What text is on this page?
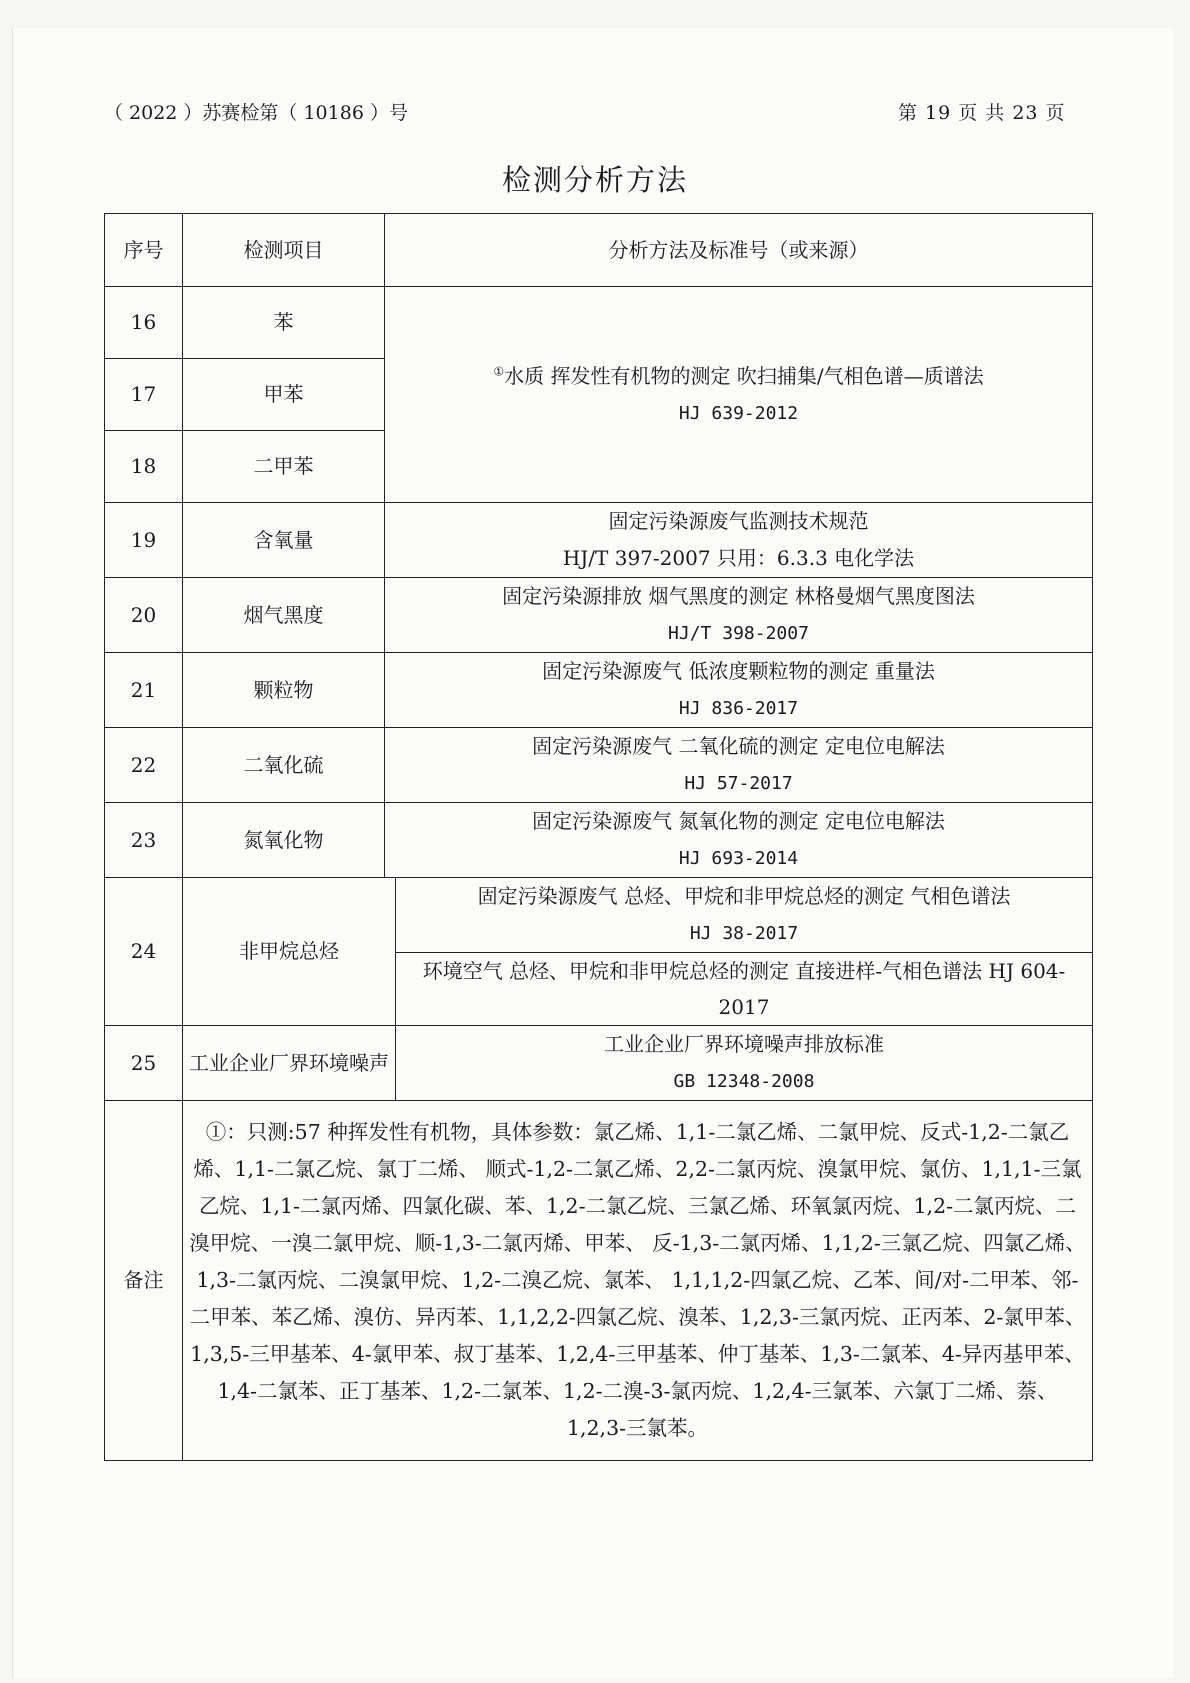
（ 2022 ）苏赛检第（ 10186 ）号	第 19 页 共 23 页
检测分析方法
序号	检测项目	分析方法及标准号（或来源）	
16	苯	①水质 挥发性有机物的测定 吹扫捕集/气相色谱—质谱法
HJ 639-2012	

17	甲苯		
18	二甲苯		
19	含氧量	固定污染源废气监测技术规范
HJ/T 397-2007 只用：6.3.3 电化学法	

20	烟气黑度	固定污染源排放 烟气黑度的测定 林格曼烟气黑度图法
HJ/T 398-2007	

21	颗粒物	固定污染源废气 低浓度颗粒物的测定 重量法
HJ 836-2017	

22	二氧化硫	固定污染源废气 二氧化硫的测定 定电位电解法
HJ 57-2017	

23	氮氧化物	固定污染源废气 氮氧化物的测定 定电位电解法
HJ 693-2014	

24	非甲烷总烃		固定污染源废气 总烃、甲烷和非甲烷总烃的测定 气相色谱法
HJ 38-2017

			环境空气 总烃、甲烷和非甲烷总烃的测定 直接进样-气相色谱法 HJ 604-2017

25	工业企业厂界环境噪声		工业企业厂界环境噪声排放标准
GB 12348-2008

备注	①：只测:57 种挥发性有机物，具体参数：氯乙烯、1,1-二氯乙烯、二氯甲烷、反式-1,2-二氯乙烯、1,1-二氯乙烷、氯丁二烯、 顺式-1,2-二氯乙烯、2,2-二氯丙烷、溴氯甲烷、氯仿、1,1,1-三氯乙烷、1,1-二氯丙烯、四氯化碳、苯、1,2-二氯乙烷、三氯乙烯、环氧氯丙烷、1,2-二氯丙烷、二溴甲烷、一溴二氯甲烷、顺-1,3-二氯丙烯、甲苯、 反-1,3-二氯丙烯、1,1,2-三氯乙烷、四氯乙烯、1,3-二氯丙烷、二溴氯甲烷、1,2-二溴乙烷、氯苯、 1,1,1,2-四氯乙烷、乙苯、间/对-二甲苯、邻-二甲苯、苯乙烯、溴仿、异丙苯、1,1,2,2-四氯乙烷、溴苯、1,2,3-三氯丙烷、正丙苯、2-氯甲苯、1,3,5-三甲基苯、4-氯甲苯、叔丁基苯、1,2,4-三甲基苯、仲丁基苯、1,3-二氯苯、4-异丙基甲苯、1,4-二氯苯、正丁基苯、1,2-二氯苯、1,2-二溴-3-氯丙烷、1,2,4-三氯苯、六氯丁二烯、萘、1,2,3-三氯苯。		
